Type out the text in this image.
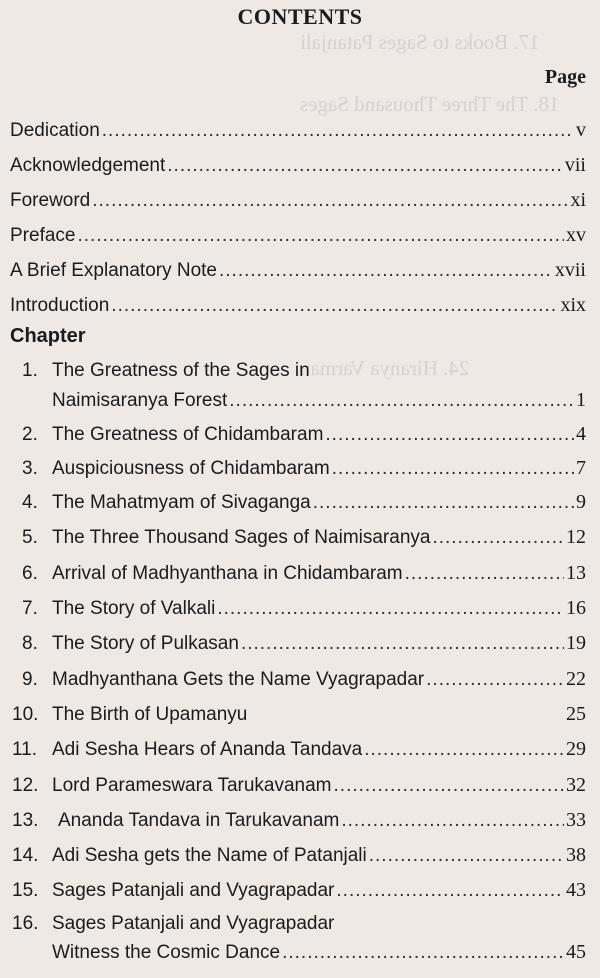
17. Books to Sages Patanjali
18. The Three Thousand Sages
24. Hiranya Varman
CONTENTS
Page
Dedication .....	v
Acknowledgement .....	vii
Foreword .....	xi
Preface .....	xv
A Brief Explanatory Note .....	xvii
Introduction .....	xix
Chapter
1. The Greatness of the Sages in
Naimisaranya Forest .....	1
2. The Greatness of Chidambaram .....	4
3. Auspiciousness of Chidambaram .....	7
4. The Mahatmyam of Sivaganga .....	9
5. The Three Thousand Sages of Naimisaranya .....	12
6. Arrival of Madhyanthana in Chidambaram .....	13
7. The Story of Valkali .....	16
8. The Story of Pulkasan .....	19
9. Madhyanthana Gets the Name Vyagrapadar .....	22
10. The Birth of Upamanyu	25
11. Adi Sesha Hears of Ananda Tandava .....	29
12. Lord Parameswara Tarukavanam .....	32
13.	Ananda Tandava in Tarukavanam .....	33
14. Adi Sesha gets the Name of Patanjali .....	38
15. Sages Patanjali and Vyagrapadar .....	43
16. Sages Patanjali and Vyagrapadar
Witness the Cosmic Dance .....	45
